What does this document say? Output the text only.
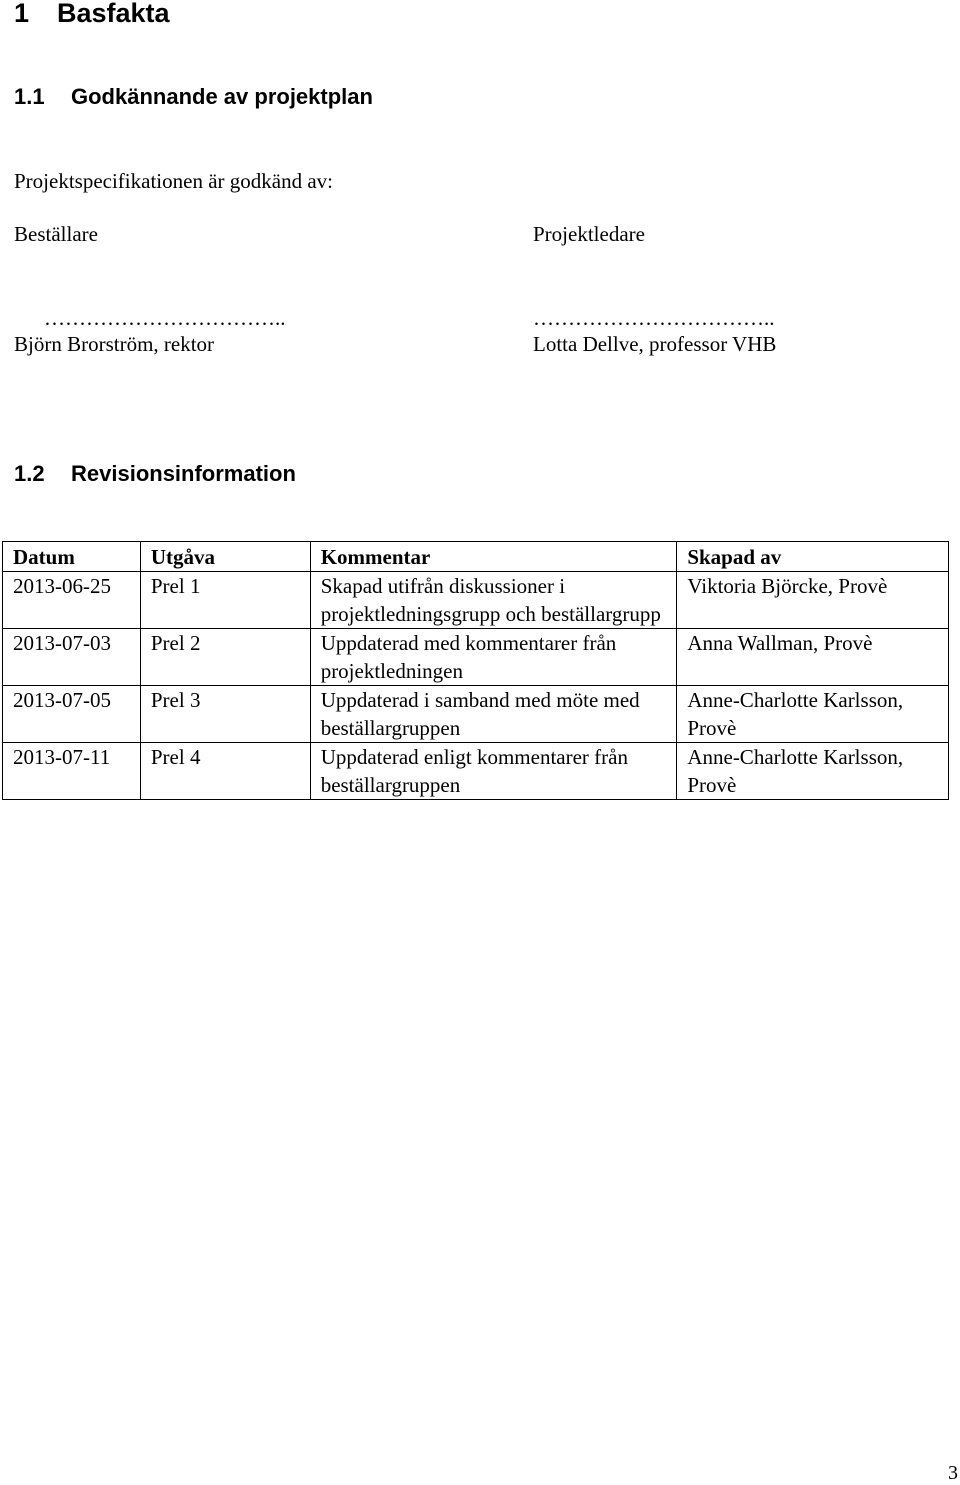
1 Basfakta
1.1 Godkännande av projektplan
Projektspecifikationen är godkänd av:
Beställare	Projektledare
……………………………..	……………………………..
Björn Brorström, rektor	Lotta Dellve, professor VHB
1.2 Revisionsinformation
Datum	Utgåva	Kommentar	Skapad av
2013-06-25	Prel 1	Skapad utifrån diskussioner i projektledningsgrupp och beställargrupp	Viktoria Björcke, Provè
2013-07-03	Prel 2	Uppdaterad med kommentarer från projektledningen	Anna Wallman, Provè
2013-07-05	Prel 3	Uppdaterad i samband med möte med beställargruppen	Anne-Charlotte Karlsson, Provè
2013-07-11	Prel 4	Uppdaterad enligt kommentarer från beställargruppen	Anne-Charlotte Karlsson, Provè
3
